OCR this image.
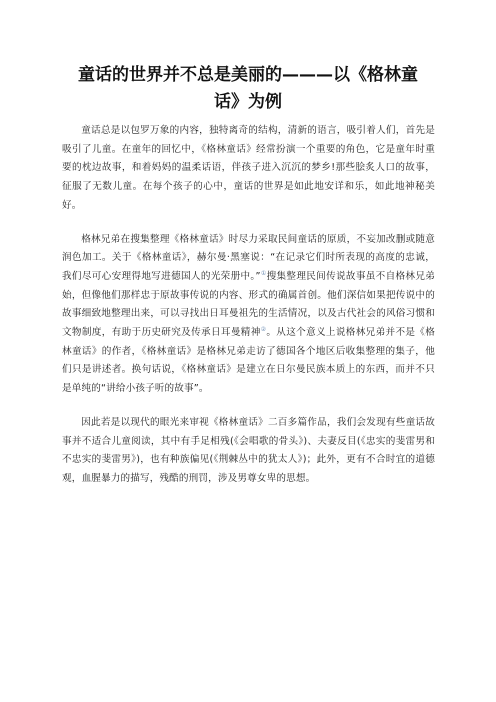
童话的世界并不总是美丽的———以《格林童话》为例

童话总是以包罗万象的内容，独特离奇的结构，清新的语言，吸引着人们，首先是吸引了儿童。在童年的回忆中，《格林童话》经常扮演一个重要的角色，它是童年时重要的枕边故事，和着妈妈的温柔话语，伴孩子进入沉沉的梦乡!那些脍炙人口的故事，征服了无数儿童。在每个孩子的心中，童话的世界是如此地安详和乐，如此地神秘美好。

格林兄弟在搜集整理《格林童话》时尽力采取民间童话的原质，不妄加改删或随意润色加工。关于《格林童话》，赫尔曼·黑塞说：“在记录它们时所表现的高度的忠诚，我们尽可心安理得地写进德国人的光荣册中。”①搜集整理民间传说故事虽不自格林兄弟始，但像他们那样忠于原故事传说的内容、形式的确属首创。他们深信如果把传说中的故事细致地整理出来，可以寻找出日耳曼祖先的生活情况，以及古代社会的风俗习惯和文物制度，有助于历史研究及传承日耳曼精神②。从这个意义上说格林兄弟并不是《格林童话》的作者，《格林童话》是格林兄弟走访了德国各个地区后收集整理的集子，他们只是讲述者。换句话说，《格林童话》是建立在日尔曼民族本质上的东西，而并不只是单纯的“讲给小孩子听的故事”。

因此若是以现代的眼光来审视《格林童话》二百多篇作品，我们会发现有些童话故事并不适合儿童阅读，其中有手足相残(《会唱歌的骨头》)、夫妻反目(《忠实的斐雷男和不忠实的斐雷男》)，也有种族偏见(《荆棘丛中的犹太人》)；此外，更有不合时宜的道德观，血腥暴力的描写，残酷的刑罚，涉及男尊女卑的思想。
